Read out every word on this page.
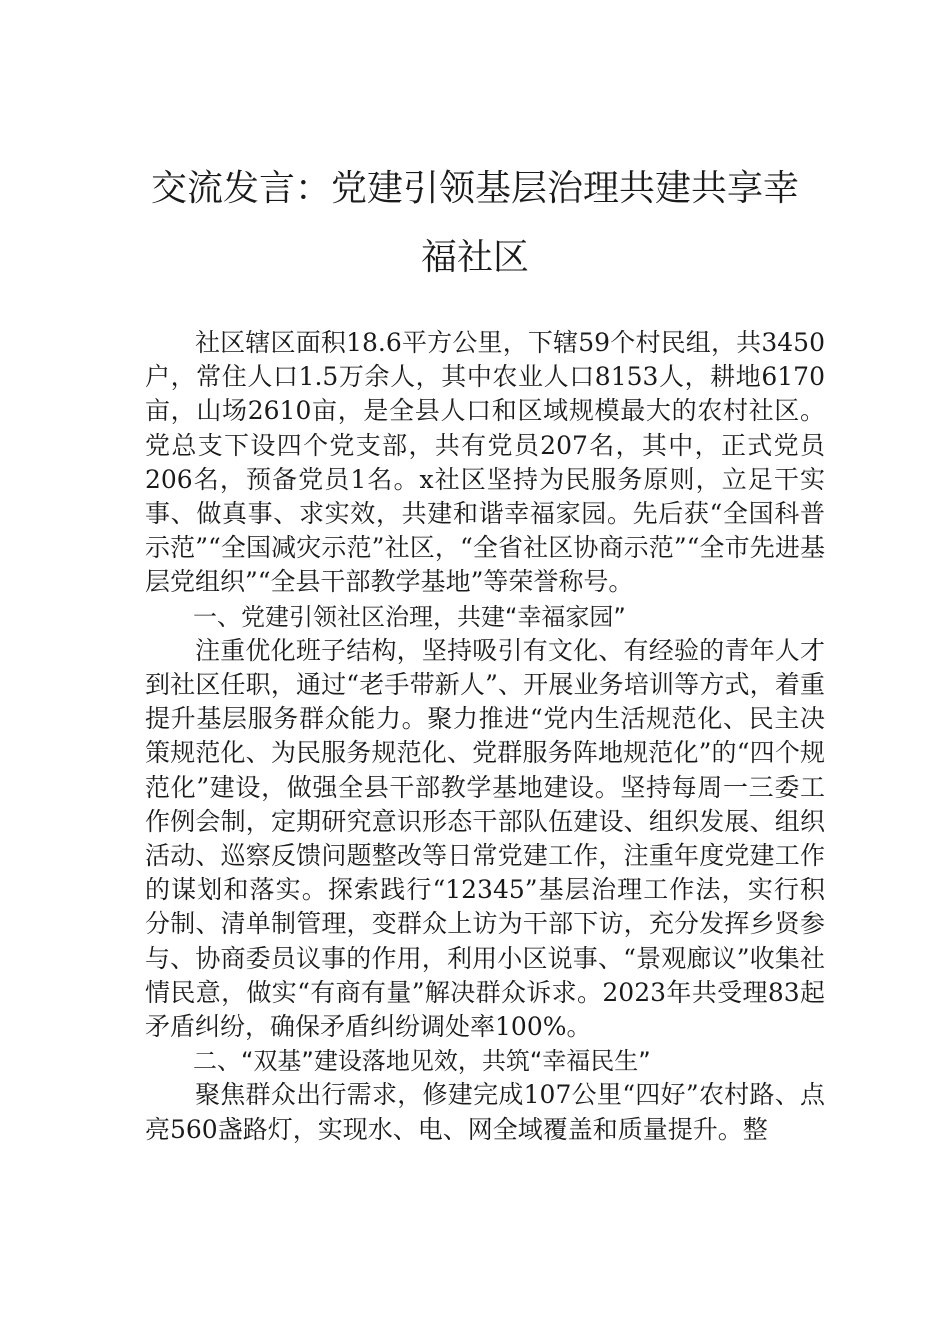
交流发言：党建引领基层治理共建共享幸
福社区

社区辖区面积18.6平方公里，下辖59个村民组，共3450户，常住人口1.5万余人，其中农业人口8153人，耕地6170亩，山场2610亩，是全县人口和区域规模最大的农村社区。党总支下设四个党支部，共有党员207名，其中，正式党员206名，预备党员1名。x社区坚持为民服务原则，立足干实事、做真事、求实效，共建和谐幸福家园。先后获“全国科普示范”“全国减灾示范”社区，“全省社区协商示范”“全市先进基层党组织”“全县干部教学基地”等荣誉称号。

一、党建引领社区治理，共建“幸福家园”

注重优化班子结构，坚持吸引有文化、有经验的青年人才到社区任职，通过“老手带新人”、开展业务培训等方式，着重提升基层服务群众能力。聚力推进“党内生活规范化、民主决策规范化、为民服务规范化、党群服务阵地规范化”的“四个规范化”建设，做强全县干部教学基地建设。坚持每周一三委工作例会制，定期研究意识形态干部队伍建设、组织发展、组织活动、巡察反馈问题整改等日常党建工作，注重年度党建工作的谋划和落实。探索践行“12345”基层治理工作法，实行积分制、清单制管理，变群众上访为干部下访，充分发挥乡贤参与、协商委员议事的作用，利用小区说事、“景观廊议”收集社情民意，做实“有商有量”解决群众诉求。2023年共受理83起矛盾纠纷，确保矛盾纠纷调处率100%。

二、“双基”建设落地见效，共筑“幸福民生”

聚焦群众出行需求，修建完成107公里“四好”农村路、点亮560盏路灯，实现水、电、网全域覆盖和质量提升。整
